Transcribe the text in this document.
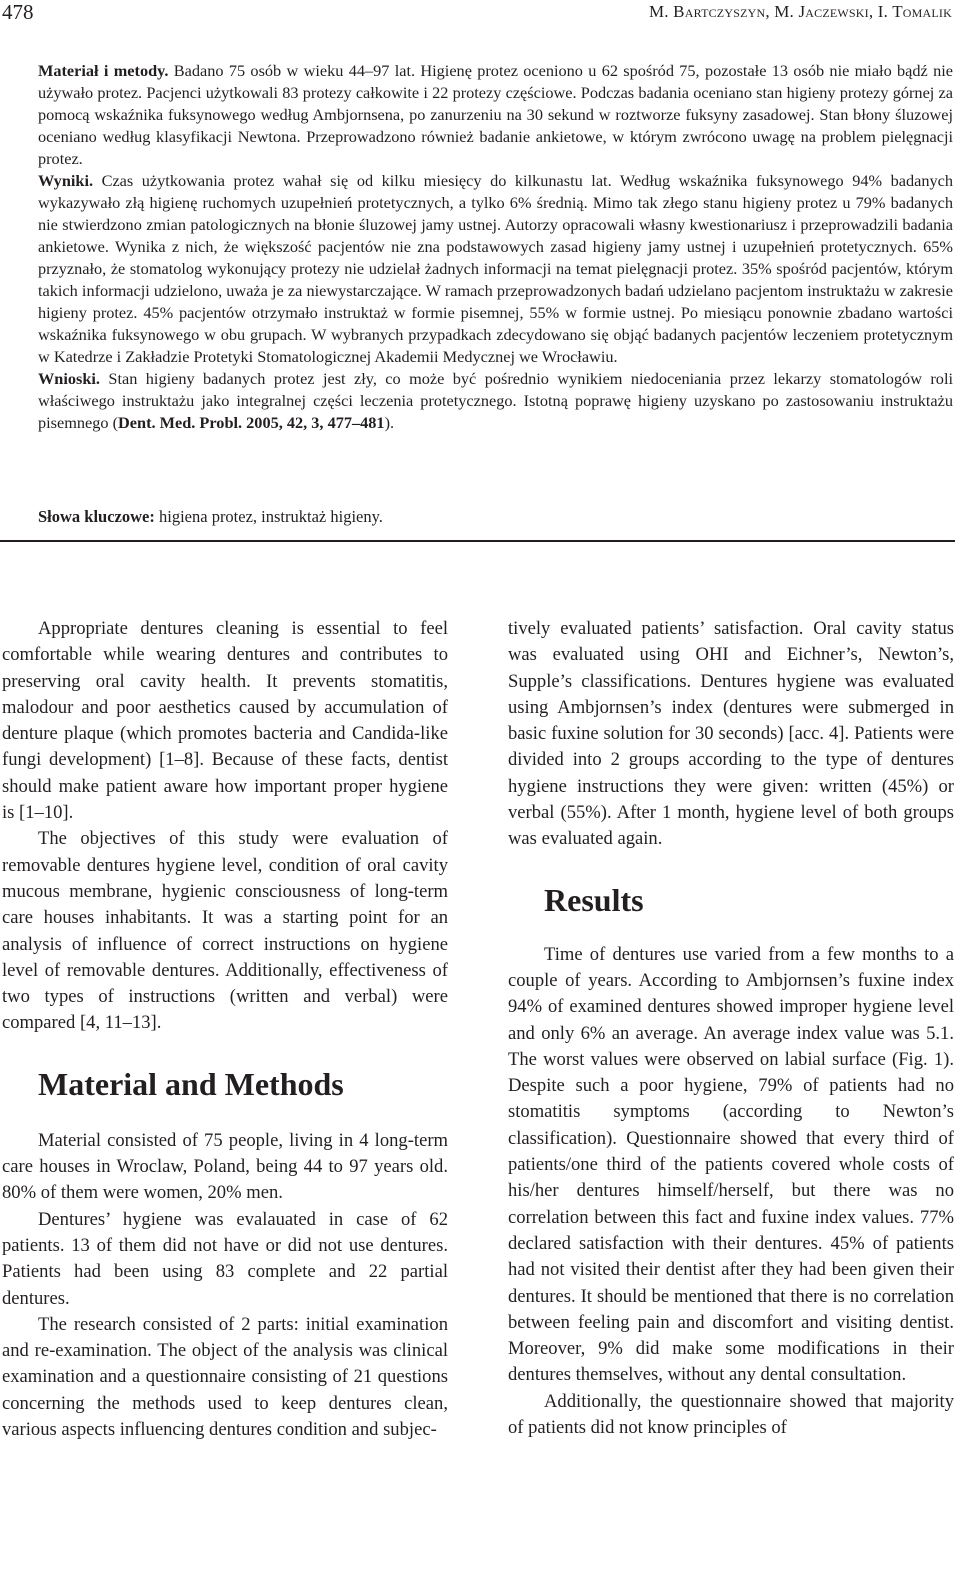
478	M. Bartczyszyn, M. Jaczewski, I. Tomalik

Materiał i metody. Badano 75 osób w wieku 44–97 lat. Higienę protez oceniono u 62 spośród 75, pozostałe 13 osób nie miało bądź nie używało protez. Pacjenci użytkowali 83 protezy całkowite i 22 protezy częściowe. Podczas badania oceniano stan higieny protezy górnej za pomocą wskaźnika fuksynowego według Ambjornsena, po zanurzeniu na 30 sekund w roztworze fuksyny zasadowej. Stan błony śluzowej oceniano według klasyfikacji Newtona. Przeprowadzono również badanie ankietowe, w którym zwrócono uwagę na problem pielęgnacji protez.
Wyniki. Czas użytkowania protez wahał się od kilku miesięcy do kilkunastu lat. Według wskaźnika fuksynowego 94% badanych wykazywało złą higienę ruchomych uzupełnień protetycznych, a tylko 6% średnią. Mimo tak złego stanu higieny protez u 79% badanych nie stwierdzono zmian patologicznych na błonie śluzowej jamy ustnej. Autorzy opracowali własny kwestionariusz i przeprowadzili badania ankietowe. Wynika z nich, że większość pacjentów nie zna podstawowych zasad higieny jamy ustnej i uzupełnień protetycznych. 65% przyznało, że stomatolog wykonujący protezy nie udzielał żadnych informacji na temat pielęgnacji protez. 35% spośród pacjentów, którym takich informacji udzielono, uważa je za niewystarczające. W ramach przeprowadzonych badań udzielano pacjentom instruktażu w zakresie higieny protez. 45% pacjentów otrzymało instruktaż w formie pisemnej, 55% w formie ustnej. Po miesiącu ponownie zbadano wartości wskaźnika fuksynowego w obu grupach. W wybranych przypadkach zdecydowano się objąć badanych pacjentów leczeniem protetycznym w Katedrze i Zakładzie Protetyki Stomatologicznej Akademii Medycznej we Wrocławiu.
Wnioski. Stan higieny badanych protez jest zły, co może być pośrednio wynikiem niedoceniania przez lekarzy stomatologów roli właściwego instruktażu jako integralnej części leczenia protetycznego. Istotną poprawę higieny uzyskano po zastosowaniu instruktażu pisemnego (Dent. Med. Probl. 2005, 42, 3, 477–481).

Słowa kluczowe: higiena protez, instruktaż higieny.

Appropriate dentures cleaning is essential to feel comfortable while wearing dentures and contributes to preserving oral cavity health. It prevents stomatitis, malodour and poor aesthetics caused by accumulation of denture plaque (which promotes bacteria and Candida-like fungi development) [1–8]. Because of these facts, dentist should make patient aware how important proper hygiene is [1–10].

The objectives of this study were evaluation of removable dentures hygiene level, condition of oral cavity mucous membrane, hygienic consciousness of long-term care houses inhabitants. It was a starting point for an analysis of influence of correct instructions on hygiene level of removable dentures. Additionally, effectiveness of two types of instructions (written and verbal) were compared [4, 11–13].

Material and Methods

Material consisted of 75 people, living in 4 long-term care houses in Wroclaw, Poland, being 44 to 97 years old. 80% of them were women, 20% men.

Dentures’ hygiene was evalauated in case of 62 patients. 13 of them did not have or did not use dentures. Patients had been using 83 complete and 22 partial dentures.

The research consisted of 2 parts: initial examination and re-examination. The object of the analysis was clinical examination and a questionnaire consisting of 21 questions concerning the methods used to keep dentures clean, various aspects influencing dentures condition and subjec-

tively evaluated patients’ satisfaction. Oral cavity status was evaluated using OHI and Eichner’s, Newton’s, Supple’s classifications. Dentures hygiene was evaluated using Ambjornsen’s index (dentures were submerged in basic fuxine solution for 30 seconds) [acc. 4]. Patients were divided into 2 groups according to the type of dentures hygiene instructions they were given: written (45%) or verbal (55%). After 1 month, hygiene level of both groups was evaluated again.

Results

Time of dentures use varied from a few months to a couple of years. According to Ambjornsen’s fuxine index 94% of examined dentures showed improper hygiene level and only 6% an average. An average index value was 5.1. The worst values were observed on labial surface (Fig. 1). Despite such a poor hygiene, 79% of patients had no stomatitis symptoms (according to Newton’s classification). Questionnaire showed that every third of patients/one third of the patients covered whole costs of his/her dentures himself/herself, but there was no correlation between this fact and fuxine index values. 77% declared satisfaction with their dentures. 45% of patients had not visited their dentist after they had been given their dentures. It should be mentioned that there is no correlation between feeling pain and discomfort and visiting dentist. Moreover, 9% did make some modifications in their dentures themselves, without any dental consultation.

Additionally, the questionnaire showed that majority of patients did not know principles of
